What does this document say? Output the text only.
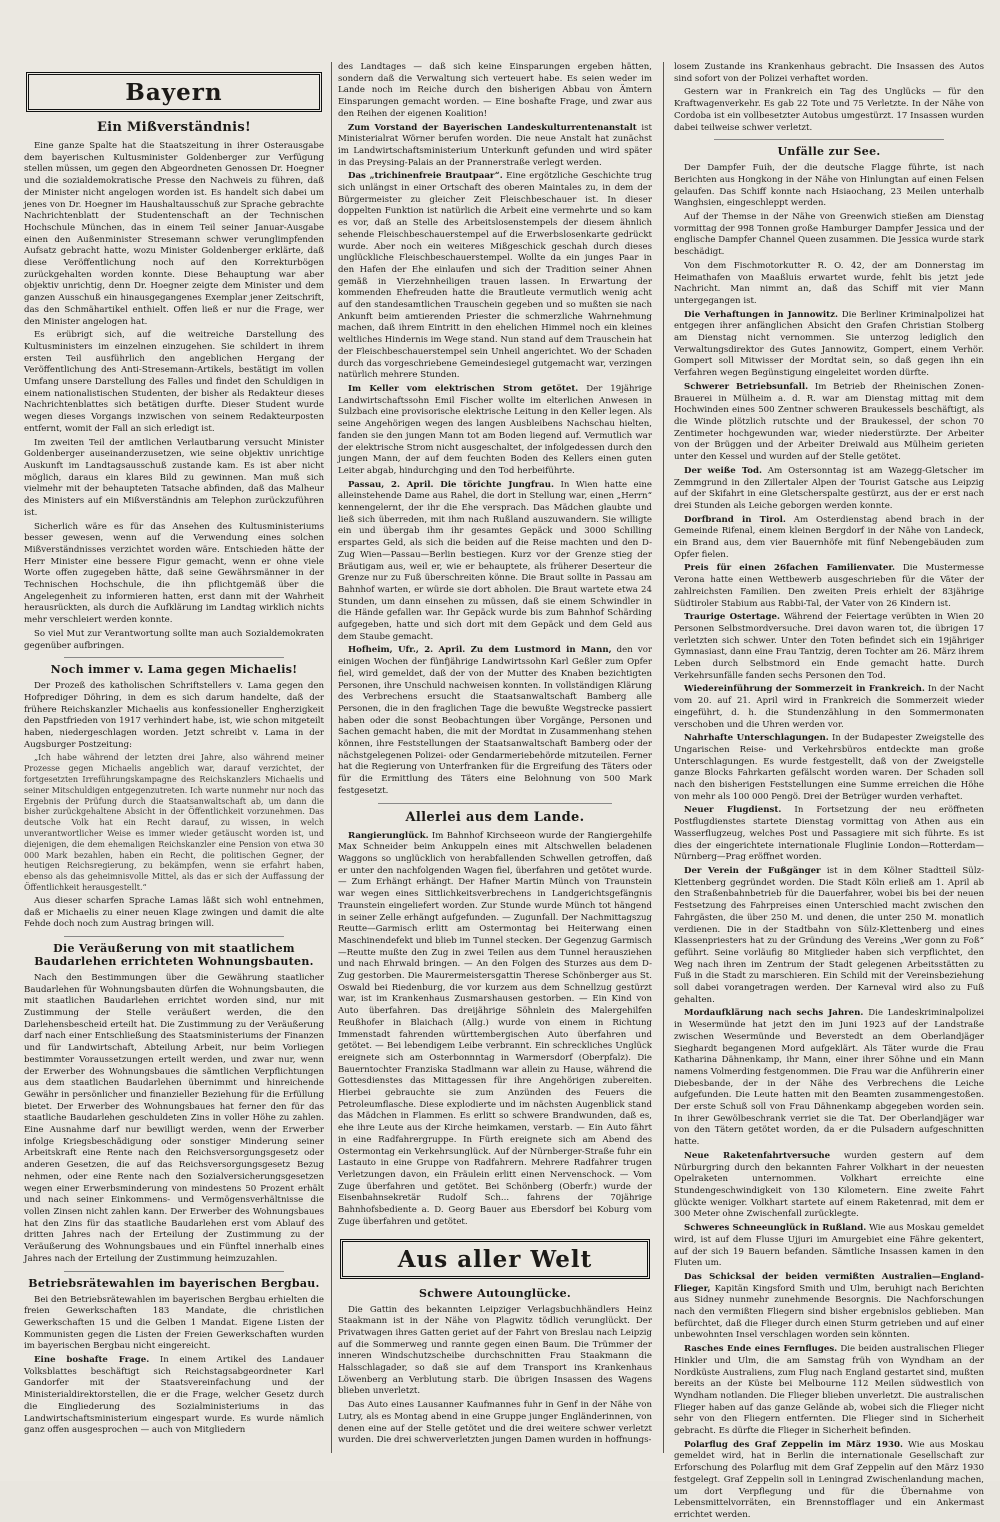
Bayern
Ein Mißverständnis!

Eine ganze Spalte hat die Staatszeitung in ihrer Osterausgabe dem bayerischen Kultusminister Goldenberger zur Verfügung stellen müssen, um gegen den Abgeordneten Genossen Dr. Hoegner und die sozialdemokratische Presse den Nachweis zu führen, daß der Minister nicht angelogen worden ist. Es handelt sich dabei um jenes von Dr. Hoegner im Haushaltausschuß zur Sprache gebrachte Nachrichtenblatt der Studentenschaft an der Technischen Hochschule München, das in einem Teil seiner Januar-Ausgabe einen den Außenminister Stresemann schwer verunglimpfenden Aufsatz gebracht hatte, wozu Minister Goldenberger erklärte, daß diese Veröffentlichung noch auf den Korrekturbögen zurückgehalten worden konnte. Diese Behauptung war aber objektiv unrichtig, denn Dr. Hoegner zeigte dem Minister und dem ganzen Ausschuß ein hinausgegangenes Exemplar jener Zeitschrift, das den Schmähartikel enthielt. Offen ließ er nur die Frage, wer den Minister angelogen hat.

Es erübrigt sich, auf die weitreiche Darstellung des Kultusministers im einzelnen einzugehen. Sie schildert in ihrem ersten Teil ausführlich den angeblichen Hergang der Veröffentlichung des Anti-Stresemann-Artikels, bestätigt im vollen Umfang unsere Darstellung des Falles und findet den Schuldigen in einem nationalistischen Studenten, der bisher als Redakteur dieses Nachrichtenblattes sich betätigen durfte. Dieser Student wurde wegen dieses Vorgangs inzwischen von seinem Redakteurposten entfernt, womit der Fall an sich erledigt ist.

Im zweiten Teil der amtlichen Verlautbarung versucht Minister Goldenberger auseinanderzusetzen, wie seine objektiv unrichtige Auskunft im Landtagsausschuß zustande kam. Es ist aber nicht möglich, daraus ein klares Bild zu gewinnen. Man muß sich vielmehr mit der behaupteten Tatsache abfinden, daß das Malheur des Ministers auf ein Mißverständnis am Telephon zurückzuführen ist.

Sicherlich wäre es für das Ansehen des Kultusministeriums besser gewesen, wenn auf die Verwendung eines solchen Mißverständnisses verzichtet worden wäre. Entschieden hätte der Herr Minister eine bessere Figur gemacht, wenn er ohne viele Worte offen zugegeben hätte, daß seine Gewährsmänner in der Technischen Hochschule, die ihn pflichtgemäß über die Angelegenheit zu informieren hatten, erst dann mit der Wahrheit herausrückten, als durch die Aufklärung im Landtag wirklich nichts mehr verschleiert werden konnte.

So viel Mut zur Verantwortung sollte man auch Sozialdemokraten gegenüber aufbringen.

Noch immer v. Lama gegen Michaelis!

Der Prozeß des katholischen Schriftstellers v. Lama gegen den Hofprediger Döhring, in dem es sich darum handelte, daß der frühere Reichskanzler Michaelis aus konfessioneller Engherzigkeit den Papstfrieden von 1917 verhindert habe, ist, wie schon mitgeteilt haben, niedergeschlagen worden. Jetzt schreibt v. Lama in der Augsburger Postzeitung:

„Ich habe während der letzten drei Jahre, also während meiner Prozesse gegen Michaelis angeblich war, darauf verzichtet, der fortgesetzten Irreführungskampagne des Reichskanzlers Michaelis und seiner Mitschuldigen entgegenzutreten. Ich warte nunmehr nur noch das Ergebnis der Prüfung durch die Staatsanwaltschaft ab, um dann die bisher zurückgehaltene Absicht in der Öffentlichkeit vorzunehmen. Das deutsche Volk hat ein Recht darauf, zu wissen, in welch unverantwortlicher Weise es immer wieder getäuscht worden ist, und diejenigen, die dem ehemaligen Reichskanzler eine Pension von etwa 30 000 Mark bezahlen, haben ein Recht, die politischen Gegner, der heutigen Reichsregierung, zu bekämpfen, wenn sie erfahrt haben, ebenso als das geheimnisvolle Mittel, als das er sich der Auffassung der Öffentlichkeit herausgestellt.“

Aus dieser scharfen Sprache Lamas läßt sich wohl entnehmen, daß er Michaelis zu einer neuen Klage zwingen und damit die alte Fehde doch noch zum Austrag bringen will.

Die Veräußerung von mit staatlichem Baudarlehen errichteten Wohnungsbauten.

Nach den Bestimmungen über die Gewährung staatlicher Baudarlehen für Wohnungsbauten dürfen die Wohnungsbauten, die mit staatlichen Baudarlehen errichtet worden sind, nur mit Zustimmung der Stelle veräußert werden, die den Darlehensbescheid erteilt hat. Die Zustimmung zu der Veräußerung darf nach einer Entschließung des Staatsministeriums der Finanzen und für Landwirtschaft, Abteilung Arbeit, nur beim Vorliegen bestimmter Voraussetzungen erteilt werden, und zwar nur, wenn der Erwerber des Wohnungsbaues die sämtlichen Verpflichtungen aus dem staatlichen Baudarlehen übernimmt und hinreichende Gewähr in persönlicher und finanzieller Beziehung für die Erfüllung bietet. Der Erwerber des Wohnungsbaues hat ferner den für das staatliche Baudarlehen geschuldeten Zins in voller Höhe zu zahlen. Eine Ausnahme darf nur bewilligt werden, wenn der Erwerber infolge Kriegsbeschädigung oder sonstiger Minderung seiner Arbeitskraft eine Rente nach den Reichsversorgungsgesetz oder anderen Gesetzen, die auf das Reichsversorgungsgesetz Bezug nehmen, oder eine Rente nach den Sozialversicherungsgesetzen wegen einer Erwerbsminderung von mindestens 50 Prozent erhält und nach seiner Einkommens- und Vermögensverhältnisse die vollen Zinsen nicht zahlen kann. Der Erwerber des Wohnungsbaues hat den Zins für das staatliche Baudarlehen erst vom Ablauf des dritten Jahres nach der Erteilung der Zustimmung zu der Veräußerung des Wohnungsbaues und ein Fünftel innerhalb eines Jahres nach der Erteilung der Zustimmung heimzuzahlen.

Betriebsrätewahlen im bayerischen Bergbau.

Bei den Betriebsrätewahlen im bayerischen Bergbau erhielten die freien Gewerkschaften 183 Mandate, die christlichen Gewerkschaften 15 und die Gelben 1 Mandat. Eigene Listen der Kommunisten gegen die Listen der Freien Gewerkschaften wurden im bayerischen Bergbau nicht eingereicht.

Eine boshafte Frage. In einem Artikel des Landauer Volksblattes beschäftigt sich Reichstagsabgeordneter Karl Gandorfer mit der Staatsvereinfachung und der Ministerialdirektorstellen, die er die Frage, welcher Gesetz durch die Eingliederung des Sozialministeriums in das Landwirtschaftsministerium eingespart wurde. Es wurde nämlich ganz offen ausgesprochen — auch von Mitgliedern

des Landtages — daß sich keine Einsparungen ergeben hätten, sondern daß die Verwaltung sich verteuert habe. Es seien weder im Lande noch im Reiche durch den bisherigen Abbau von Ämtern Einsparungen gemacht worden. — Eine boshafte Frage, und zwar aus den Reihen der eigenen Koalition!

Zum Vorstand der Bayerischen Landeskulturrentenanstalt ist Ministerialrat Wörner berufen worden. Die neue Anstalt hat zunächst im Landwirtschaftsministerium Unterkunft gefunden und wird später in das Preysing-Palais an der Prannerstraße verlegt werden.

Das „trichinenfreie Brautpaar“. Eine ergötzliche Geschichte trug sich unlängst in einer Ortschaft des oberen Maintales zu, in dem der Bürgermeister zu gleicher Zeit Fleischbeschauer ist. In dieser doppelten Funktion ist natürlich die Arbeit eine vermehrte und so kam es vor, daß an Stelle des Arbeitslosenstempels der diesem ähnlich sehende Fleischbeschauerstempel auf die Erwerbslosenkarte gedrückt wurde. Aber noch ein weiteres Mißgeschick geschah durch dieses unglückliche Fleischbeschauerstempel. Wollte da ein junges Paar in den Hafen der Ehe einlaufen und sich der Tradition seiner Ahnen gemäß in Vierzehnheiligen trauen lassen. In Erwartung der kommenden Ehefreuden hatte die Brautleute vermutlich wenig acht auf den standesamtlichen Trauschein gegeben und so mußten sie nach Ankunft beim amtierenden Priester die schmerzliche Wahrnehmung machen, daß ihrem Eintritt in den ehelichen Himmel noch ein kleines weltliches Hindernis im Wege stand. Nun stand auf dem Trauschein hat der Fleischbeschauerstempel sein Unheil angerichtet. Wo der Schaden durch das vorgeschriebene Gemeindesiegel gutgemacht war, verzingen natürlich mehrere Stunden.

Im Keller vom elektrischen Strom getötet. Der 19jährige Landwirtschaftssohn Emil Fischer wollte im elterlichen Anwesen in Sulzbach eine provisorische elektrische Leitung in den Keller legen. Als seine Angehörigen wegen des langen Ausbleibens Nachschau hielten, fanden sie den jungen Mann tot am Boden liegend auf. Vermutlich war der elektrische Strom nicht ausgeschaltet, der infolgedessen durch den jungen Mann, der auf dem feuchten Boden des Kellers einen guten Leiter abgab, hindurchging und den Tod herbeiführte.

Passau, 2. April. Die törichte Jungfrau. In Wien hatte eine alleinstehende Dame aus Rahel, die dort in Stellung war, einen „Herrn“ kennengelernt, der ihr die Ehe versprach. Das Mädchen glaubte und ließ sich überreden, mit ihm nach Rußland auszuwandern. Sie willigte ein und übergab ihm ihr gesamtes Gepäck und 3000 Schilling erspartes Geld, als sich die beiden auf die Reise machten und den D-Zug Wien—Passau—Berlin bestiegen. Kurz vor der Grenze stieg der Bräutigam aus, weil er, wie er behauptete, als früherer Deserteur die Grenze nur zu Fuß überschreiten könne. Die Braut sollte in Passau am Bahnhof warten, er würde sie dort abholen. Die Braut wartete etwa 24 Stunden, um dann einsehen zu müssen, daß sie einem Schwindler in die Hände gefallen war. Ihr Gepäck wurde bis zum Bahnhof Schärding aufgegeben, hatte und sich dort mit dem Gepäck und dem Geld aus dem Staube gemacht.

Hofheim, Ufr., 2. April. Zu dem Lustmord in Mann, den vor einigen Wochen der fünfjährige Landwirtssohn Karl Geßler zum Opfer fiel, wird gemeldet, daß der von der Mutter des Knaben bezichtigten Personen, ihre Unschuld nachweisen konnten. In vollständigen Klärung des Verbrechens ersucht die Staatsanwaltschaft Bamberg alle Personen, die in den fraglichen Tage die bewußte Wegstrecke passiert haben oder die sonst Beobachtungen über Vorgänge, Personen und Sachen gemacht haben, die mit der Mordtat in Zusammenhang stehen können, ihre Feststellungen der Staatsanwaltschaft Bamberg oder der nächstgelegenen Polizei- oder Gendarmeriebehörde mitzuteilen. Ferner hat die Regierung von Unterfranken für die Ergreifung des Täters oder für die Ermittlung des Täters eine Belohnung von 500 Mark festgesetzt.

Allerlei aus dem Lande.

Rangierunglück. Im Bahnhof Kirchseeon wurde der Rangiergehilfe Max Schneider beim Ankuppeln eines mit Altschwellen beladenen Waggons so unglücklich von herabfallenden Schwellen getroffen, daß er unter den nachfolgenden Wagen fiel, überfahren und getötet wurde. — Zum Erhängt erhängt. Der Hafner Martin Münch von Traunstein war wegen eines Sittlichkeitsverbrechens in Landgerichtsgefängnis Traunstein eingeliefert worden. Zur Stunde wurde Münch tot hängend in seiner Zelle erhängt aufgefunden. — Zugunfall. Der Nachmittagszug Reutte—Garmisch erlitt am Ostermontag bei Heiterwang einen Maschinendefekt und blieb im Tunnel stecken. Der Gegenzug Garmisch—Reutte mußte den Zug in zwei Teilen aus dem Tunnel herausziehen und nach Ehrwald bringen. — An den Folgen des Sturzes aus dem D-Zug gestorben. Die Maurermeistersgattin Therese Schönberger aus St. Oswald bei Riedenburg, die vor kurzem aus dem Schnellzug gestürzt war, ist im Krankenhaus Zusmarshausen gestorben. — Ein Kind von Auto überfahren. Das dreijährige Söhnlein des Malergehilfen Reußhofer in Blaichach (Allg.) wurde von einem in Richtung Immenstadt fahrenden württembergischen Auto überfahren und getötet. — Bei lebendigem Leibe verbrannt. Ein schreckliches Unglück ereignete sich am Osterbonnntag in Warmersdorf (Oberpfalz). Die Bauerntochter Franziska Stadlmann war allein zu Hause, während die Gottesdienstes das Mittagessen für ihre Angehörigen zubereiten. Hierbei gebrauchte sie zum Anzünden des Feuers die Petroleumflasche. Diese explodierte und im nächsten Augenblick stand das Mädchen in Flammen. Es erlitt so schwere Brandwunden, daß es, ehe ihre Leute aus der Kirche heimkamen, verstarb. — Ein Auto fährt in eine Radfahrergruppe. In Fürth ereignete sich am Abend des Ostermontag ein Verkehrsunglück. Auf der Nürnberger-Straße fuhr ein Lastauto in eine Gruppe von Radfahrern. Mehrere Radfahrer trugen Verletzungen davon, ein Fräulein erlitt einen Nervenschock. — Vom Zuge überfahren und getötet. Bei Schönberg (Oberfr.) wurde der Eisenbahnsekretär Rudolf Sch... fahrens der 70jährige Bahnhofsbediente a. D. Georg Bauer aus Ebersdorf bei Koburg vom Zuge überfahren und getötet.

Aus aller Welt
Schwere Autounglücke.

Die Gattin des bekannten Leipziger Verlagsbuchhändlers Heinz Staakmann ist in der Nähe von Plagwitz tödlich verunglückt. Der Privatwagen ihres Gatten geriet auf der Fahrt von Breslau nach Leipzig auf die Sommerweg und rannte gegen einen Baum. Die Trümmer der inneren Windschutzscheibe durchschnitten Frau Staakmann die Halsschlagader, so daß sie auf dem Transport ins Krankenhaus Löwenberg an Verblutung starb. Die übrigen Insassen des Wagens blieben unverletzt.

Das Auto eines Lausanner Kaufmannes fuhr in Genf in der Nähe von Lutry, als es Montag abend in eine Gruppe junger Engländerinnen, von denen eine auf der Stelle getötet und die drei weitere schwer verletzt wurden. Die drei schwerverletzten jungen Damen wurden in hoffnungs-

losem Zustande ins Krankenhaus gebracht. Die Insassen des Autos sind sofort von der Polizei verhaftet worden.

Gestern war in Frankreich ein Tag des Unglücks — für den Kraftwagenverkehr. Es gab 22 Tote und 75 Verletzte. In der Nähe von Cordoba ist ein vollbesetzter Autobus umgestürzt. 17 Insassen wurden dabei teilweise schwer verletzt.

Unfälle zur See.

Der Dampfer Fuih, der die deutsche Flagge führte, ist nach Berichten aus Hongkong in der Nähe von Hinlungtan auf einen Felsen gelaufen. Das Schiff konnte nach Hsiaochang, 23 Meilen unterhalb Wanghsien, eingeschleppt werden.

Auf der Themse in der Nähe von Greenwich stießen am Dienstag vormittag der 998 Tonnen große Hamburger Dampfer Jessica und der englische Dampfer Channel Queen zusammen. Die Jessica wurde stark beschädigt.

Von dem Fischmotorkutter R. O. 42, der am Donnerstag im Heimathafen von Maaßluis erwartet wurde, fehlt bis jetzt jede Nachricht. Man nimmt an, daß das Schiff mit vier Mann untergegangen ist.

Die Verhaftungen in Jannowitz. Die Berliner Kriminalpolizei hat entgegen ihrer anfänglichen Absicht den Grafen Christian Stolberg am Dienstag nicht vernommen. Sie unterzog lediglich den Verwaltungsdirektor des Gutes Jannowitz, Gompert, einem Verhör. Gompert soll Mitwisser der Mordtat sein, so daß gegen ihn ein Verfahren wegen Begünstigung eingeleitet worden dürfte.

Schwerer Betriebsunfall. Im Betrieb der Rheinischen Zonen-Brauerei in Mülheim a. d. R. war am Dienstag mittag mit dem Hochwinden eines 500 Zentner schweren Braukessels beschäftigt, als die Winde plötzlich rutschte und der Braukessel, der schon 70 Zentimeter hochgewunden war, wieder niederstürzte. Der Arbeiter von der Brüggen und der Arbeiter Dreiwald aus Mülheim gerieten unter den Kessel und wurden auf der Stelle getötet.

Der weiße Tod. Am Ostersonntag ist am Wazegg-Gletscher im Zemmgrund in den Zillertaler Alpen der Tourist Gatsche aus Leipzig auf der Skifahrt in eine Gletscherspalte gestürzt, aus der er erst nach drei Stunden als Leiche geborgen werden konnte.

Dorfbrand in Tirol. Am Osterdienstag abend brach in der Gemeinde Rifenal, einem kleinen Bergdorf in der Nähe von Landeck, ein Brand aus, dem vier Bauernhöfe mit fünf Nebengebäuden zum Opfer fielen.

Preis für einen 26fachen Familienvater. Die Mustermesse Verona hatte einen Wettbewerb ausgeschrieben für die Väter der zahlreichsten Familien. Den zweiten Preis erhielt der 83jährige Südtiroler Stabium aus Rabbi-Tal, der Vater von 26 Kindern ist.

Traurige Ostertage. Während der Feiertage verübten in Wien 20 Personen Selbstmordversuche. Drei davon waren tot, die übrigen 17 verletzten sich schwer. Unter den Toten befindet sich ein 19jähriger Gymnasiast, dann eine Frau Tantzig, deren Tochter am 26. März ihrem Leben durch Selbstmord ein Ende gemacht hatte. Durch Verkehrsunfälle fanden sechs Personen den Tod.

Wiedereinführung der Sommerzeit in Frankreich. In der Nacht vom 20. auf 21. April wird in Frankreich die Sommerzeit wieder eingeführt, d. h. die Stundenzählung in den Sommermonaten verschoben und die Uhren werden vor.

Nahrhafte Unterschlagungen. In der Budapester Zweigstelle des Ungarischen Reise- und Verkehrsbüros entdeckte man große Unterschlagungen. Es wurde festgestellt, daß von der Zweigstelle ganze Blocks Fahrkarten gefälscht worden waren. Der Schaden soll nach den bisherigen Feststellungen eine Summe erreichen die Höhe von mehr als 100 000 Pengö. Drei der Betrüger wurden verhaftet.

Neuer Flugdienst. In Fortsetzung der neu eröffneten Postflugdienstes startete Dienstag vormittag von Athen aus ein Wasserflugzeug, welches Post und Passagiere mit sich führte. Es ist dies der eingerichtete internationale Fluglinie London—Rotterdam—Nürnberg—Prag eröffnet worden.

Der Verein der Fußgänger ist in dem Kölner Stadtteil Sülz-Klettenberg gegründet worden. Die Stadt Köln erließ am 1. April ab den Straßenbahnbetrieb für die Dauerfahrer, wobei bis bei der neuen Festsetzung des Fahrpreises einen Unterschied macht zwischen den Fahrgästen, die über 250 M. und denen, die unter 250 M. monatlich verdienen. Die in der Stadtbahn von Sülz-Klettenberg und eines Klassenpriesters hat zu der Gründung des Vereins „Wer gonn zu Foß“ geführt. Seine vorläufig 80 Mitglieder haben sich verpflichtet, den Weg nach ihren im Zentrum der Stadt gelegenen Arbeitsstätten zu Fuß in die Stadt zu marschieren. Ein Schild mit der Vereinsbeziehung soll dabei vorangetragen werden. Der Karneval wird also zu Fuß gehalten.

Mordaufklärung nach sechs Jahren. Die Landeskriminalpolizei in Wesermünde hat jetzt den im Juni 1923 auf der Landstraße zwischen Wesermünde und Beverstedt an dem Oberlandjäger Sieghardt begangenen Mord aufgeklärt. Als Täter wurde die Frau Katharina Dähnenkamp, ihr Mann, einer ihrer Söhne und ein Mann namens Volmerding festgenommen. Die Frau war die Anführerin einer Diebesbande, der in der Nähe des Verbrechens die Leiche aufgefunden. Die Leute hatten mit den Beamten zusammengestoßen. Der erste Schuß soll von Frau Dähnenkamp abgegeben worden sein. In ihrer Gewölbeschrank verriet sie die Tat. Der Oberlandjäger war von den Tätern getötet worden, da er die Pulsadern aufgeschnitten hatte.

Neue Raketenfahrtversuche wurden gestern auf dem Nürburgring durch den bekannten Fahrer Volkhart in der neuesten Opelraketen unternommen. Volkhart erreichte eine Stundengeschwindigkeit von 130 Kilometern. Eine zweite Fahrt glückte weniger. Volkhart startete auf einem Raketenrad, mit dem er 300 Meter ohne Zwischenfall zurücklegte.

Schweres Schneeunglück in Rußland. Wie aus Moskau gemeldet wird, ist auf dem Flusse Ujjuri im Amurgebiet eine Fähre gekentert, auf der sich 19 Bauern befanden. Sämtliche Insassen kamen in den Fluten um.

Das Schicksal der beiden vermißten Australien—England-Flieger, Kapitän Kingsford Smith und Ulm, beruhigt nach Berichten aus Sidney nunmehr zunehmende Besorgnis. Die Nachforschungen nach den vermißten Fliegern sind bisher ergebnislos geblieben. Man befürchtet, daß die Flieger durch einen Sturm getrieben und auf einer unbewohnten Insel verschlagen worden sein könnten.

Rasches Ende eines Fernfluges. Die beiden australischen Flieger Hinkler und Ulm, die am Samstag früh von Wyndham an der Nordküste Australiens, zum Flug nach England gestartet sind, mußten bereits an der Küste bei Melbourne 112 Meilen südwestlich von Wyndham notlanden. Die Flieger blieben unverletzt. Die australischen Flieger haben auf das ganze Gelände ab, wobei sich die Flieger nicht sehr von den Fliegern entfernten. Die Flieger sind in Sicherheit gebracht. Es dürfte die Flieger in Sicherheit befinden.

Polarflug des Graf Zeppelin im März 1930. Wie aus Moskau gemeldet wird, hat in Berlin die internationale Gesellschaft zur Erforschung des Polarflug mit dem Graf Zeppelin auf den März 1930 festgelegt. Graf Zeppelin soll in Leningrad Zwischenlandung machen, um dort Verpflegung und für die Übernahme von Lebensmittelvorräten, ein Brennstofflager und ein Ankermast errichtet werden.
